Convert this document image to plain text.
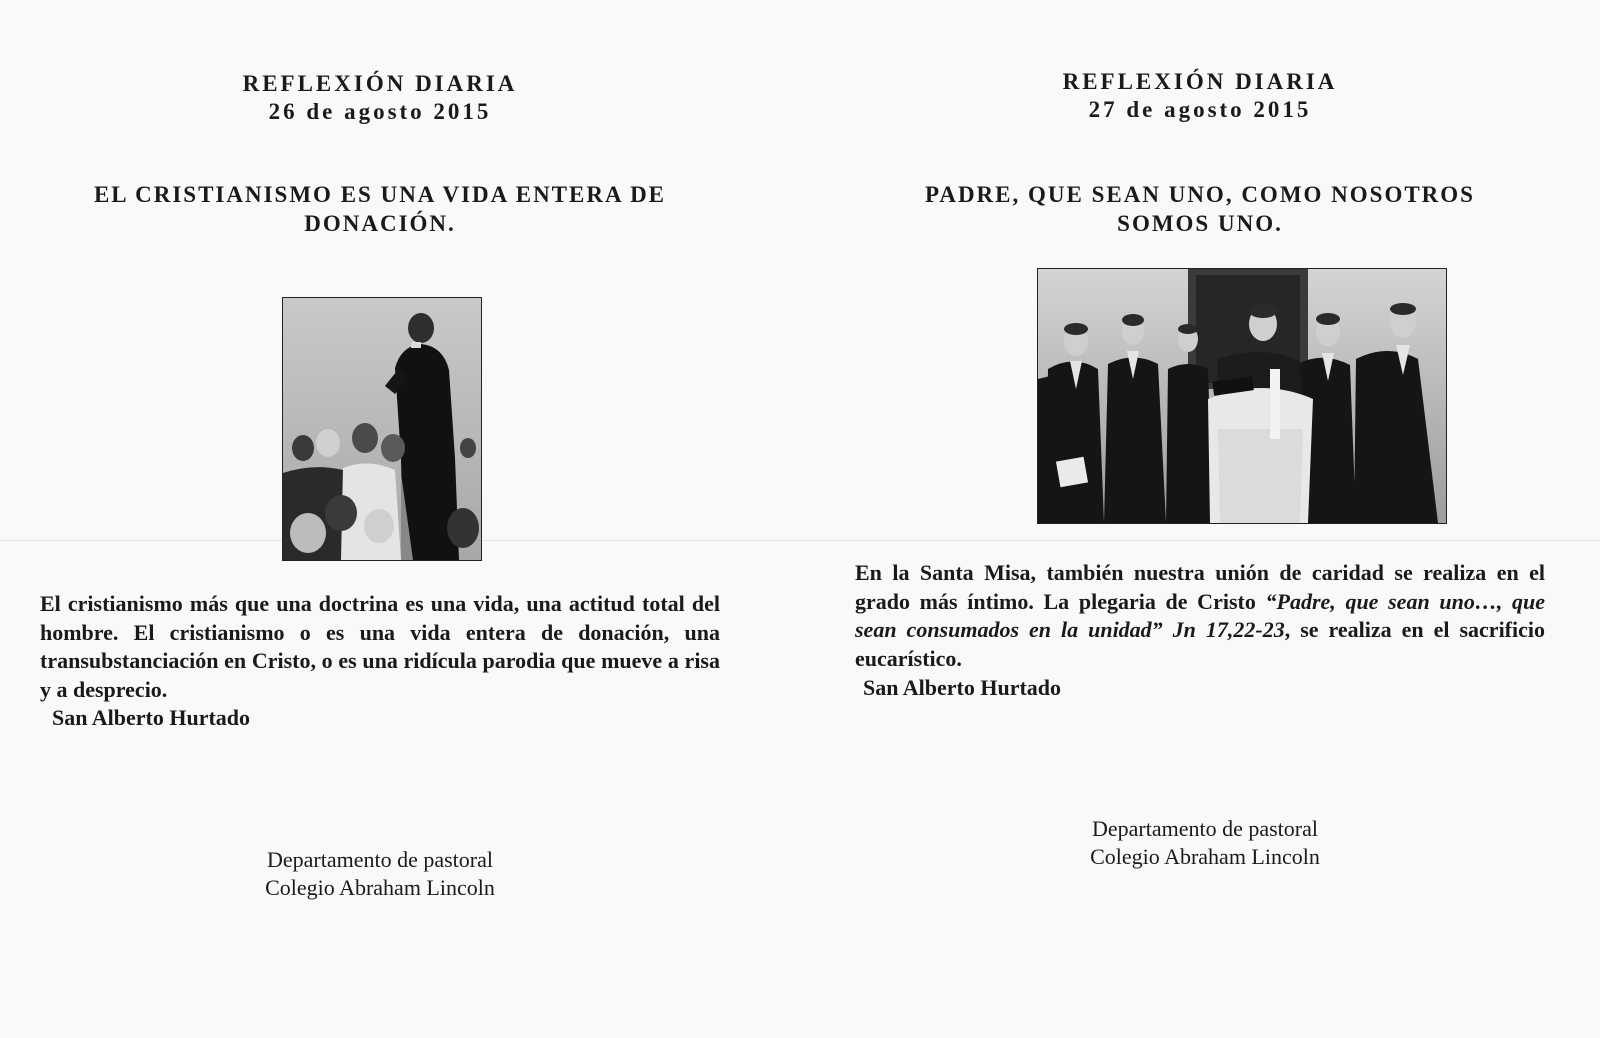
REFLEXIÓN DIARIA
26 de agosto 2015
EL CRISTIANISMO ES UNA VIDA ENTERA DE
DONACIÓN.
El cristianismo más que una doctrina es una vida, una actitud total del hombre. El cristianismo o es una vida entera de donación, una transubstanciación en Cristo, o es una ridícula parodia que mueve a risa y a desprecio.
San Alberto Hurtado
Departamento de pastoral
Colegio Abraham Lincoln
REFLEXIÓN DIARIA
27 de agosto 2015
PADRE, QUE SEAN UNO, COMO NOSOTROS
SOMOS UNO.
En la Santa Misa, también nuestra unión de caridad se realiza en el grado más íntimo. La plegaria de Cristo “Padre, que sean uno…, que sean consumados en la unidad” Jn 17,22-23, se realiza en el sacrificio eucarístico.
San Alberto Hurtado
Departamento de pastoral
Colegio Abraham Lincoln
